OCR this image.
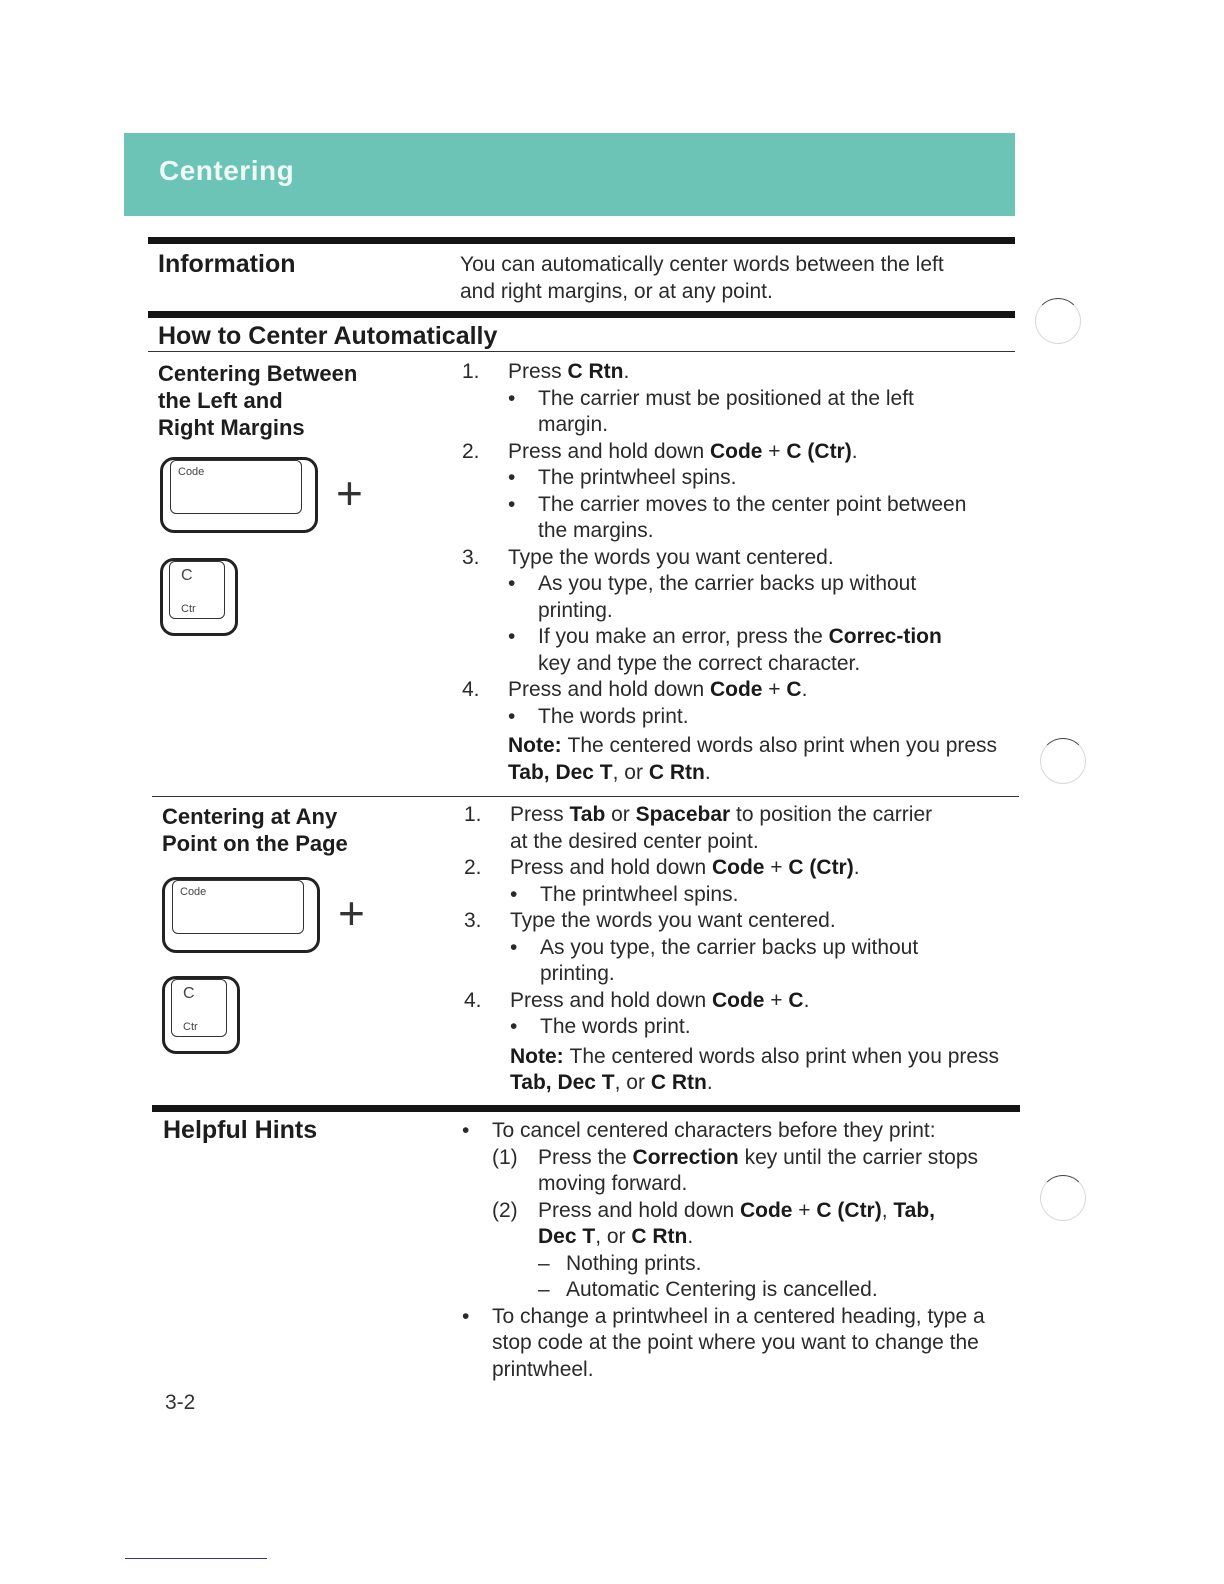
Centering
Information	You can automatically center words between the left and right margins, or at any point.
How to Center Automatically
Centering Between
the Left and
Right Margins
Code	+
C
Ctr
1.	Press C Rtn.
•	The carrier must be positioned at the left margin.
2.	Press and hold down Code + C (Ctr).
•	The printwheel spins.
•	The carrier moves to the center point between the margins.
3.	Type the words you want centered.
•	As you type, the carrier backs up without printing.
•	If you make an error, press the Correc-tion key and type the correct character.
4.	Press and hold down Code + C.
•	The words print.
Note: The centered words also print when you press Tab, Dec T, or C Rtn.
Centering at Any
Point on the Page
Code	+
C
Ctr
1.	Press Tab or Spacebar to position the carrier at the desired center point.
2.	Press and hold down Code + C (Ctr).
•	The printwheel spins.
3.	Type the words you want centered.
•	As you type, the carrier backs up without printing.
4.	Press and hold down Code + C.
•	The words print.
Note: The centered words also print when you press Tab, Dec T, or C Rtn.
Helpful Hints	•	To cancel centered characters before they print:
(1) Press the Correction key until the carrier stops moving forward.
(2) Press and hold down Code + C (Ctr), Tab, Dec T, or C Rtn.
– Nothing prints.
– Automatic Centering is cancelled.
•	To change a printwheel in a centered heading, type a stop code at the point where you want to change the printwheel.
3-2
